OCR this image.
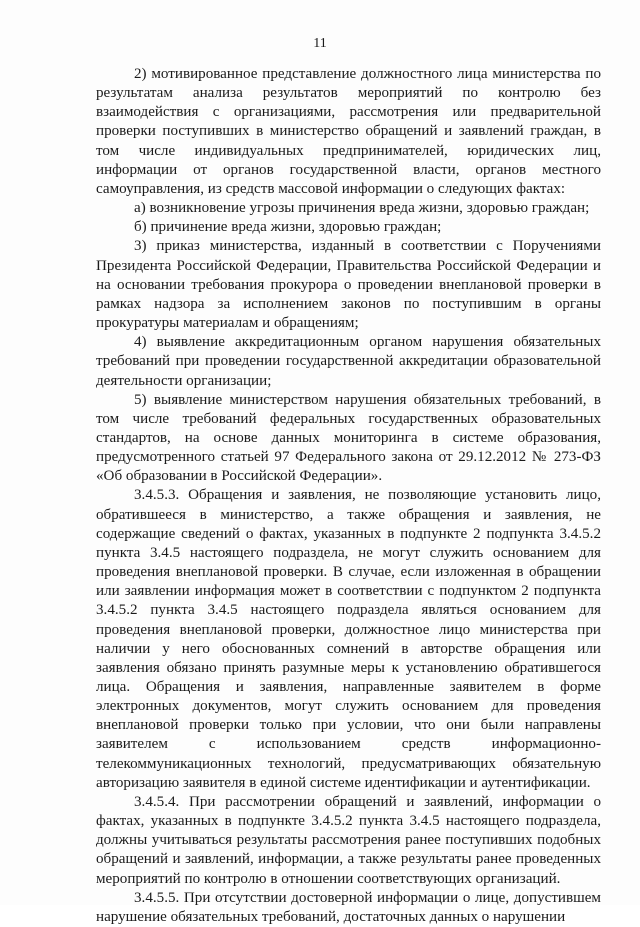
11

2) мотивированное представление должностного лица министерства по результатам анализа результатов мероприятий по контролю без взаимодействия с организациями, рассмотрения или предварительной проверки поступивших в министерство обращений и заявлений граждан, в том числе индивидуальных предпринимателей, юридических лиц, информации от органов государственной власти, органов местного самоуправления, из средств массовой информации о следующих фактах:

а) возникновение угрозы причинения вреда жизни, здоровью граждан;

б) причинение вреда жизни, здоровью граждан;

3) приказ министерства, изданный в соответствии с Поручениями Президента Российской Федерации, Правительства Российской Федерации и на основании требования прокурора о проведении внеплановой проверки в рамках надзора за исполнением законов по поступившим в органы прокуратуры материалам и обращениям;

4) выявление аккредитационным органом нарушения обязательных требований при проведении государственной аккредитации образовательной деятельности организации;

5) выявление министерством нарушения обязательных требований, в том числе требований федеральных государственных образовательных стандартов, на основе данных мониторинга в системе образования, предусмотренного статьей 97 Федерального закона от 29.12.2012 № 273-ФЗ «Об образовании в Российской Федерации».

3.4.5.3. Обращения и заявления, не позволяющие установить лицо, обратившееся в министерство, а также обращения и заявления, не содержащие сведений о фактах, указанных в подпункте 2 подпункта 3.4.5.2 пункта 3.4.5 настоящего подраздела, не могут служить основанием для проведения внеплановой проверки. В случае, если изложенная в обращении или заявлении информация может в соответствии с подпунктом 2 подпункта 3.4.5.2 пункта 3.4.5 настоящего подраздела являться основанием для проведения внеплановой проверки, должностное лицо министерства при наличии у него обоснованных сомнений в авторстве обращения или заявления обязано принять разумные меры к установлению обратившегося лица. Обращения и заявления, направленные заявителем в форме электронных документов, могут служить основанием для проведения внеплановой проверки только при условии, что они были направлены заявителем с использованием средств информационно-телекоммуникационных технологий, предусматривающих обязательную авторизацию заявителя в единой системе идентификации и аутентификации.

3.4.5.4. При рассмотрении обращений и заявлений, информации о фактах, указанных в подпункте 3.4.5.2 пункта 3.4.5 настоящего подраздела, должны учитываться результаты рассмотрения ранее поступивших подобных обращений и заявлений, информации, а также результаты ранее проведенных мероприятий по контролю в отношении соответствующих организаций.

3.4.5.5. При отсутствии достоверной информации о лице, допустившем нарушение обязательных требований, достаточных данных о нарушении
